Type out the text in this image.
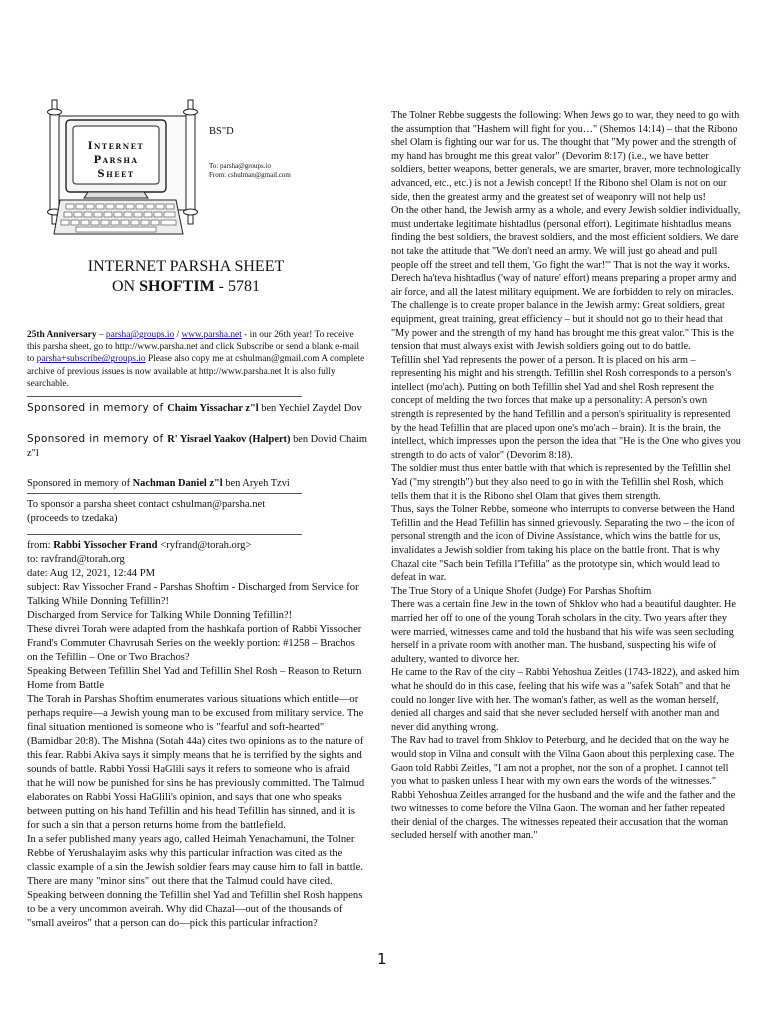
Internet
Parsha
Sheet
BS"D
To: parsha@groups.io
From: cshulman@gmail.com
INTERNET PARSHA SHEET
ON SHOFTIM - 5781

25th Anniversary – parsha@groups.io / www.parsha.net - in our 26th year! To receive this parsha sheet, go to http://www.parsha.net and click Subscribe or send a blank e-mail to parsha+subscribe@groups.io Please also copy me at cshulman@gmail.com A complete archive of previous issues is now available at http://www.parsha.net It is also fully searchable.

Sponsored in memory of Chaim Yissachar z"l ben Yechiel Zaydel Dov

Sponsored in memory of R' Yisrael Yaakov (Halpert) ben Dovid Chaim z"l

Sponsored in memory of Nachman Daniel z"l ben Aryeh Tzvi

To sponsor a parsha sheet contact cshulman@parsha.net

(proceeds to tzedaka)

from: Rabbi Yissocher Frand <ryfrand@torah.org>

to: ravfrand@torah.org

date: Aug 12, 2021, 12:44 PM

subject: Rav Yissocher Frand - Parshas Shoftim - Discharged from Service for Talking While Donning Tefillin?!

Discharged from Service for Talking While Donning Tefillin?!

These divrei Torah were adapted from the hashkafa portion of Rabbi Yissocher Frand's Commuter Chavrusah Series on the weekly portion: #1258 – Brachos on the Tefillin – One or Two Brachos?

Speaking Between Tefillin Shel Yad and Tefillin Shel Rosh – Reason to Return Home from Battle

The Torah in Parshas Shoftim enumerates various situations which entitle—or perhaps require—a Jewish young man to be excused from military service. The final situation mentioned is someone who is "fearful and soft-hearted" (Bamidbar 20:8). The Mishna (Sotah 44a) cites two opinions as to the nature of this fear. Rabbi Akiva says it simply means that he is terrified by the sights and sounds of battle. Rabbi Yossi HaGlili says it refers to someone who is afraid that he will now be punished for sins he has previously committed. The Talmud elaborates on Rabbi Yossi HaGlili's opinion, and says that one who speaks between putting on his hand Tefillin and his head Tefillin has sinned, and it is for such a sin that a person returns home from the battlefield.

In a sefer published many years ago, called Heimah Yenachamuni, the Tolner Rebbe of Yerushalayim asks why this particular infraction was cited as the classic example of a sin the Jewish soldier fears may cause him to fall in battle. There are many "minor sins" out there that the Talmud could have cited. Speaking between donning the Tefillin shel Yad and Tefillin shel Rosh happens to be a very uncommon aveirah. Why did Chazal—out of the thousands of "small aveiros" that a person can do—pick this particular infraction?

The Tolner Rebbe suggests the following: When Jews go to war, they need to go with the assumption that "Hashem will fight for you…" (Shemos 14:14) – that the Ribono shel Olam is fighting our war for us. The thought that "My power and the strength of my hand has brought me this great valor" (Devorim 8:17) (i.e., we have better soldiers, better weapons, better generals, we are smarter, braver, more technologically advanced, etc., etc.) is not a Jewish concept! If the Ribono shel Olam is not on our side, then the greatest army and the greatest set of weaponry will not help us!

On the other hand, the Jewish army as a whole, and every Jewish soldier individually, must undertake legitimate hishtadlus (personal effort). Legitimate hishtadlus means finding the best soldiers, the bravest soldiers, and the most efficient soldiers. We dare not take the attitude that "We don't need an army. We will just go ahead and pull people off the street and tell them, 'Go fight the war!'" That is not the way it works. Derech ha'teva hishtadlus ('way of nature' effort) means preparing a proper army and air force, and all the latest military equipment. We are forbidden to rely on miracles.

The challenge is to create proper balance in the Jewish army: Great soldiers, great equipment, great training, great efficiency – but it should not go to their head that "My power and the strength of my hand has brought me this great valor." This is the tension that must always exist with Jewish soldiers going out to do battle.

Tefillin shel Yad represents the power of a person. It is placed on his arm – representing his might and his strength. Tefillin shel Rosh corresponds to a person's intellect (mo'ach). Putting on both Tefillin shel Yad and shel Rosh represent the concept of melding the two forces that make up a personality: A person's own strength is represented by the hand Tefillin and a person's spirituality is represented by the head Tefillin that are placed upon one's mo'ach – brain). It is the brain, the intellect, which impresses upon the person the idea that "He is the One who gives you strength to do acts of valor" (Devorim 8:18).

The soldier must thus enter battle with that which is represented by the Tefillin shel Yad ("my strength") but they also need to go in with the Tefillin shel Rosh, which tells them that it is the Ribono shel Olam that gives them strength.

Thus, says the Tolner Rebbe, someone who interrupts to converse between the Hand Tefillin and the Head Tefillin has sinned grievously. Separating the two – the icon of personal strength and the icon of Divine Assistance, which wins the battle for us, invalidates a Jewish soldier from taking his place on the battle front. That is why Chazal cite "Sach bein Tefilla l'Tefilla" as the prototype sin, which would lead to defeat in war.

The True Story of a Unique Shofet (Judge) For Parshas Shoftim

There was a certain fine Jew in the town of Shklov who had a beautiful daughter. He married her off to one of the young Torah scholars in the city. Two years after they were married, witnesses came and told the husband that his wife was seen secluding herself in a private room with another man. The husband, suspecting his wife of adultery, wanted to divorce her.

He came to the Rav of the city – Rabbi Yehoshua Zeitles (1743-1822), and asked him what he should do in this case, feeling that his wife was a "safek Sotah" and that he could no longer live with her. The woman's father, as well as the woman herself, denied all charges and said that she never secluded herself with another man and never did anything wrong.

The Rav had to travel from Shklov to Peterburg, and he decided that on the way he would stop in Vilna and consult with the Vilna Gaon about this perplexing case. The Gaon told Rabbi Zeitles, "I am not a prophet, nor the son of a prophet. I cannot tell you what to pasken unless I hear with my own ears the words of the witnesses." Rabbi Yehoshua Zeitles arranged for the husband and the wife and the father and the two witnesses to come before the Vilna Gaon. The woman and her father repeated their denial of the charges. The witnesses repeated their accusation that the woman secluded herself with another man."

1
